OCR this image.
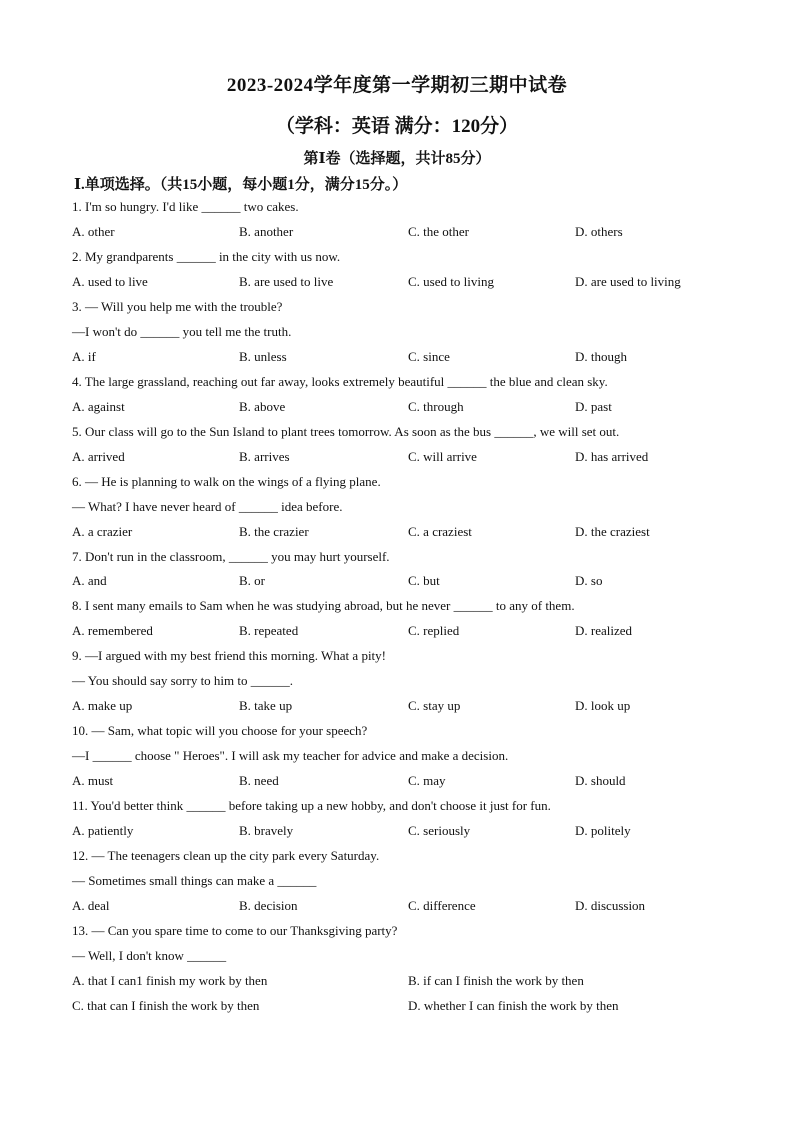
2023-2024学年度第一学期初三期中试卷
（学科：英语 满分：120分）
第Ⅰ卷（选择题，共计85分）
Ⅰ.单项选择。（共15小题，每小题1分，满分15分。）
1. I'm so hungry. I'd like ______ two cakes.
A. other	B. another	C. the other	D. others
2. My grandparents ______ in the city with us now.
A. used to live	B. are used to live	C. used to living	D. are used to living
3. — Will you help me with the trouble?
—I won't do ______ you tell me the truth.
A. if	B. unless	C. since	D. though
4. The large grassland, reaching out far away, looks extremely beautiful ______ the blue and clean sky.
A. against	B. above	C. through	D. past
5. Our class will go to the Sun Island to plant trees tomorrow. As soon as the bus ______, we will set out.
A. arrived	B. arrives	C. will arrive	D. has arrived
6. — He is planning to walk on the wings of a flying plane.
— What? I have never heard of ______ idea before.
A. a crazier	B. the crazier	C. a craziest	D. the craziest
7. Don't run in the classroom, ______ you may hurt yourself.
A. and	B. or	C. but	D. so
8. I sent many emails to Sam when he was studying abroad, but he never ______ to any of them.
A. remembered	B. repeated	C. replied	D. realized
9. —I argued with my best friend this morning. What a pity!
— You should say sorry to him to ______.
A. make up	B. take up	C. stay up	D. look up
10. — Sam, what topic will you choose for your speech?
—I ______ choose " Heroes". I will ask my teacher for advice and make a decision.
A. must	B. need	C. may	D. should
11. You'd better think ______ before taking up a new hobby, and don't choose it just for fun.
A. patiently	B. bravely	C. seriously	D. politely
12. — The teenagers clean up the city park every Saturday.
— Sometimes small things can make a ______
A. deal	B. decision	C. difference	D. discussion
13. — Can you spare time to come to our Thanksgiving party?
— Well, I don't know ______
A. that I can1 finish my work by then	B. if can I finish the work by then
C. that can I finish the work by then	D. whether I can finish the work by then
